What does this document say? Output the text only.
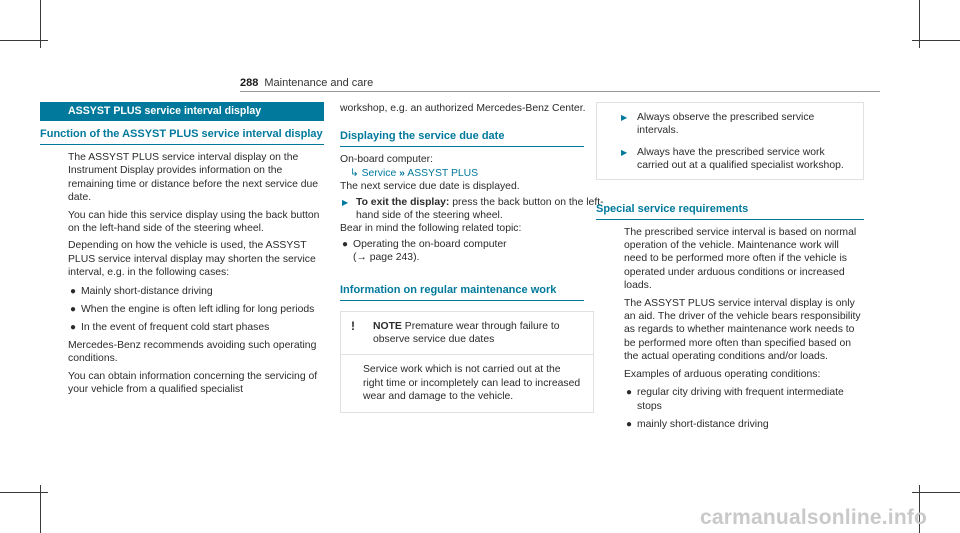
288 Maintenance and care
ASSYST PLUS service interval display
Function of the ASSYST PLUS service interval display

The ASSYST PLUS service interval display on the Instrument Display provides information on the remaining time or distance before the next service due date.

You can hide this service display using the back button on the left-hand side of the steering wheel.

Depending on how the vehicle is used, the ASSYST PLUS service interval display may shorten the service interval, e.g. in the following cases:

● Mainly short-distance driving
● When the engine is often left idling for long periods
● In the event of frequent cold start phases

Mercedes-Benz recommends avoiding such operating conditions.

You can obtain information concerning the servicing of your vehicle from a qualified specialist

workshop, e.g. an authorized Mercedes-Benz Center.

Displaying the service due date

On-board computer:

↳ Service » ASSYST PLUS

The next service due date is displayed.

▶ To exit the display: press the back button on the left-hand side of the steering wheel.

Bear in mind the following related topic:

● Operating the on-board computer
(→ page 243).
Information on regular maintenance work
!	NOTE Premature wear through failure to observe service due dates
Service work which is not carried out at the right time or incompletely can lead to increased wear and damage to the vehicle.
▶ Always observe the prescribed service intervals.
▶ Always have the prescribed service work carried out at a qualified specialist workshop.
Special service requirements

The prescribed service interval is based on normal operation of the vehicle. Maintenance work will need to be performed more often if the vehicle is operated under arduous conditions or increased loads.

The ASSYST PLUS service interval display is only an aid. The driver of the vehicle bears responsibility as regards to whether maintenance work needs to be performed more often than specified based on the actual operating conditions and/or loads.

Examples of arduous operating conditions:

● regular city driving with frequent intermediate stops
● mainly short-distance driving
carmanualsonline.info
